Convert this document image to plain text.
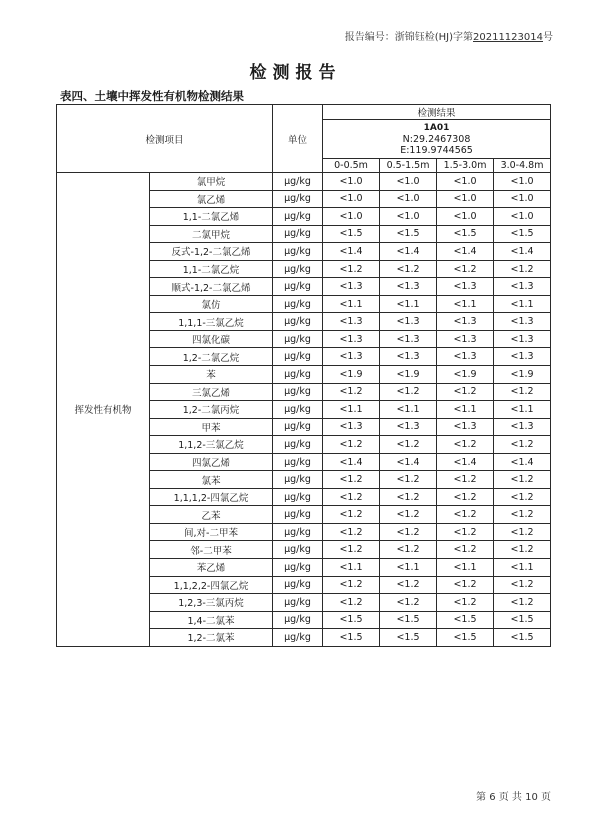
报告编号：浙锦钰检(HJ)字第20211123014号
检测报告
表四、土壤中挥发性有机物检测结果
检测项目		单位	检测结果			

			1A01
N:29.2467308
E:119.9744565			

			0-0.5m	0.5-1.5m	1.5-3.0m	3.0-4.8m
挥发性有机物	氯甲烷	μg/kg	<1.0	<1.0	<1.0	<1.0
	氯乙烯	μg/kg	<1.0	<1.0	<1.0	<1.0
	1,1-二氯乙烯	μg/kg	<1.0	<1.0	<1.0	<1.0
	二氯甲烷	μg/kg	<1.5	<1.5	<1.5	<1.5
	反式-1,2-二氯乙烯	μg/kg	<1.4	<1.4	<1.4	<1.4
	1,1-二氯乙烷	μg/kg	<1.2	<1.2	<1.2	<1.2
	顺式-1,2-二氯乙烯	μg/kg	<1.3	<1.3	<1.3	<1.3
	氯仿	μg/kg	<1.1	<1.1	<1.1	<1.1
	1,1,1-三氯乙烷	μg/kg	<1.3	<1.3	<1.3	<1.3
	四氯化碳	μg/kg	<1.3	<1.3	<1.3	<1.3
	1,2-二氯乙烷	μg/kg	<1.3	<1.3	<1.3	<1.3
	苯	μg/kg	<1.9	<1.9	<1.9	<1.9
	三氯乙烯	μg/kg	<1.2	<1.2	<1.2	<1.2
	1,2-二氯丙烷	μg/kg	<1.1	<1.1	<1.1	<1.1
	甲苯	μg/kg	<1.3	<1.3	<1.3	<1.3
	1,1,2-三氯乙烷	μg/kg	<1.2	<1.2	<1.2	<1.2
	四氯乙烯	μg/kg	<1.4	<1.4	<1.4	<1.4
	氯苯	μg/kg	<1.2	<1.2	<1.2	<1.2
	1,1,1,2-四氯乙烷	μg/kg	<1.2	<1.2	<1.2	<1.2
	乙苯	μg/kg	<1.2	<1.2	<1.2	<1.2
	间,对-二甲苯	μg/kg	<1.2	<1.2	<1.2	<1.2
	邻-二甲苯	μg/kg	<1.2	<1.2	<1.2	<1.2
	苯乙烯	μg/kg	<1.1	<1.1	<1.1	<1.1
	1,1,2,2-四氯乙烷	μg/kg	<1.2	<1.2	<1.2	<1.2
	1,2,3-三氯丙烷	μg/kg	<1.2	<1.2	<1.2	<1.2
	1,4-二氯苯	μg/kg	<1.5	<1.5	<1.5	<1.5
	1,2-二氯苯	μg/kg	<1.5	<1.5	<1.5	<1.5
第 6 页 共 10 页
